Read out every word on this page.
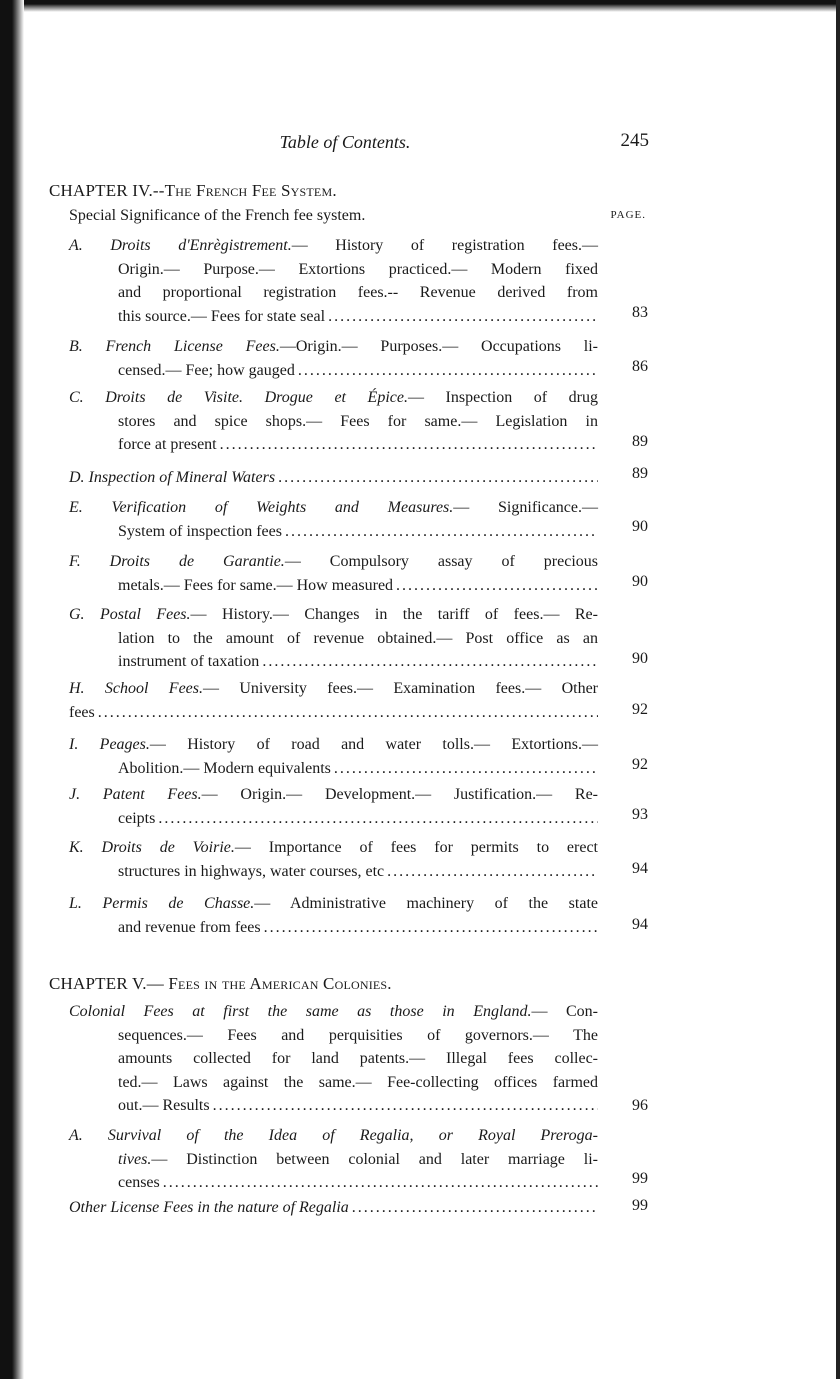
Table of Contents.	245
CHAPTER IV.--The French Fee System.
Special Significance of the French fee system.	PAGE.
A. Droits d'Enrègistrement.— History of registration fees.—
Origin.— Purpose.— Extortions practiced.— Modern fixed
and proportional registration fees.-- Revenue derived from
this source.— Fees for state seal .....	83
B. French License Fees.—Origin.— Purposes.— Occupations li-
censed.— Fee; how gauged .....	86
C. Droits de Visite. Drogue et Épice.— Inspection of drug
stores and spice shops.— Fees for same.— Legislation in
force at present .....	89
D. Inspection of Mineral Waters .....	89
E. Verification of Weights and Measures.— Significance.—
System of inspection fees .....	90
F. Droits de Garantie.— Compulsory assay of precious
metals.— Fees for same.— How measured .....	90
G. Postal Fees.— History.— Changes in the tariff of fees.— Re-
lation to the amount of revenue obtained.— Post office as an
instrument of taxation .....	90
H. School Fees.— University fees.— Examination fees.— Other
fees .....	92
I. Peages.— History of road and water tolls.— Extortions.—
Abolition.— Modern equivalents .....	92
J. Patent Fees.— Origin.— Development.— Justification.— Re-
ceipts .....	93
K. Droits de Voirie.— Importance of fees for permits to erect
structures in highways, water courses, etc .....	94
L. Permis de Chasse.— Administrative machinery of the state
and revenue from fees .....	94
CHAPTER V.— Fees in the American Colonies.
Colonial Fees at first the same as those in England.— Con-
sequences.— Fees and perquisities of governors.— The
amounts collected for land patents.— Illegal fees collec-
ted.— Laws against the same.— Fee-collecting offices farmed
out.— Results .....	96
A. Survival of the Idea of Regalia, or Royal Preroga-
tives.— Distinction between colonial and later marriage li-
censes .....	99
Other License Fees in the nature of Regalia .....	99
